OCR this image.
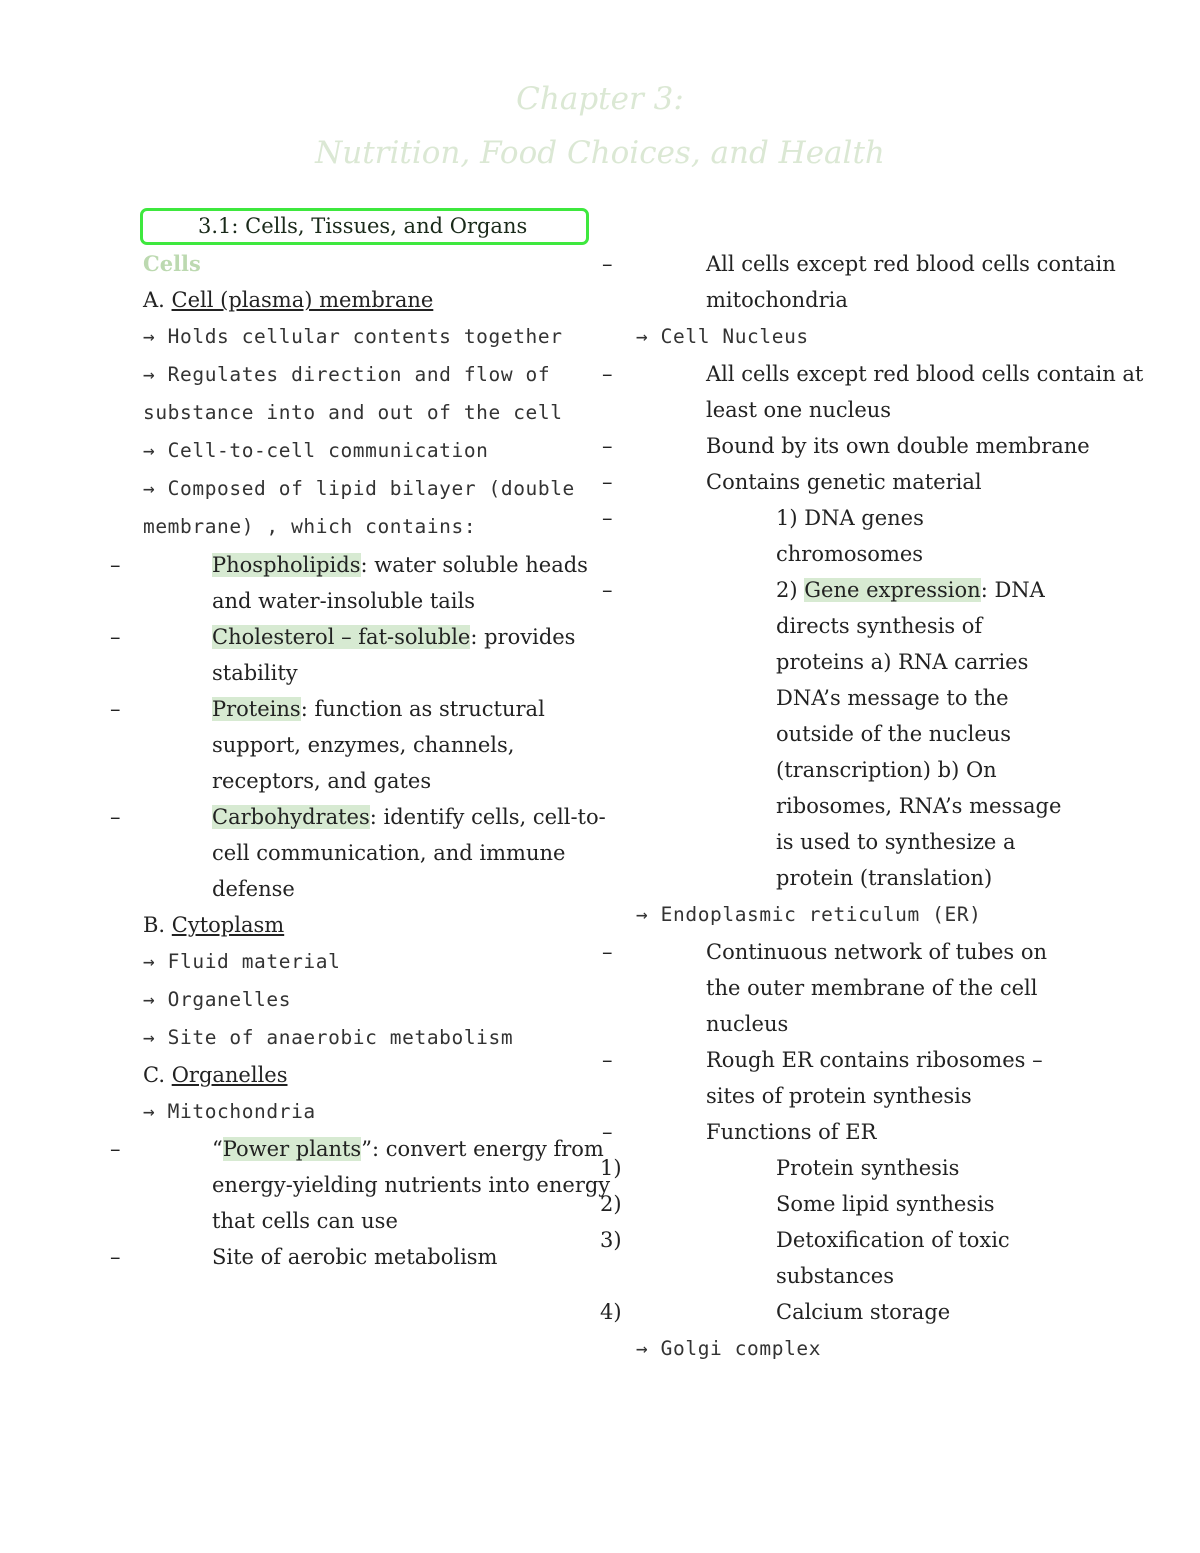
Chapter 3:
Nutrition, Food Choices, and Health
3.1: Cells, Tissues, and Organs
Cells
A. Cell (plasma) membrane
→ Holds cellular contents together
→ Regulates direction and flow of substance into and out of the cell
→ Cell-to-cell communication
→ Composed of lipid bilayer (double membrane) , which contains:
–	Phospholipids: water soluble heads and water-insoluble tails
–	Cholesterol – fat-soluble: provides stability
–	Proteins: function as structural support, enzymes, channels, receptors, and gates
–	Carbohydrates: identify cells, cell-to-cell communication, and immune defense
B. Cytoplasm
→ Fluid material
→ Organelles
→ Site of anaerobic metabolism
C. Organelles
→ Mitochondria
–	“Power plants”: convert energy from energy-yielding nutrients into energy that cells can use
–	Site of aerobic metabolism
–	All cells except red blood cells contain mitochondria
→ Cell Nucleus
–	All cells except red blood cells contain at least one nucleus
–	Bound by its own double membrane
–	Contains genetic material
–	1) DNA genes chromosomes
–	2) Gene expression: DNA directs synthesis of proteins a) RNA carries DNA’s message to the outside of the nucleus (transcription) b) On ribosomes, RNA’s message is used to synthesize a protein (translation)
→ Endoplasmic reticulum (ER)
–	Continuous network of tubes on the outer membrane of the cell nucleus
–	Rough ER contains ribosomes – sites of protein synthesis
–	Functions of ER
1)	Protein synthesis
2)	Some lipid synthesis
3)	Detoxification of toxic substances
4)	Calcium storage
→ Golgi complex
